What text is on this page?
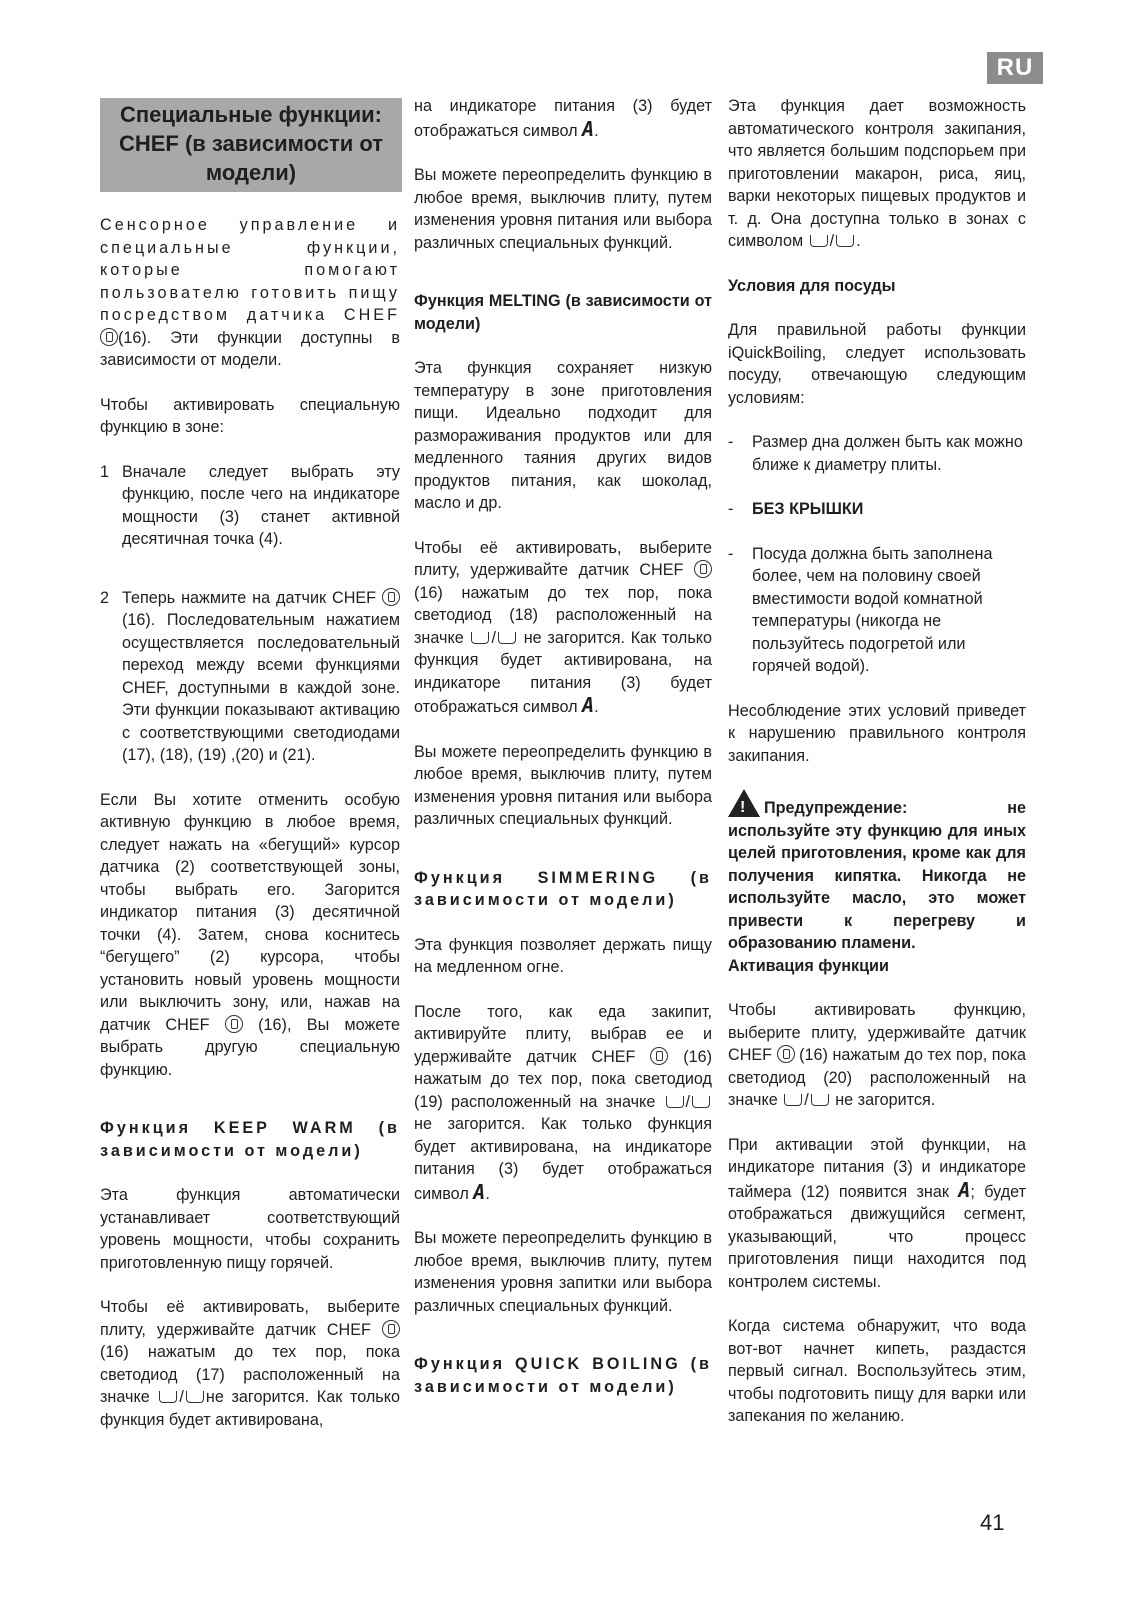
RU
Специальные функции: CHEF (в зависимости от модели)

Сенсорное управление и специальные функции, которые помогают пользователю готовить пищу посредством датчика CHEF (16). Эти функции доступны в зависимости от модели.

Чтобы активировать специальную функцию в зоне:

1 Вначале следует выбрать эту функцию, после чего на индикаторе мощности (3) станет активной десятичная точка (4).
2 Теперь нажмите на датчик CHEF  (16). Последовательным нажатием осуществляется последовательный переход между всеми функциями CHEF, доступными в каждой зоне. Эти функции показывают активацию с соответствующими светодиодами (17), (18), (19) ,(20) и (21).

Если Вы хотите отменить особую активную функцию в любое время, следует нажать на «бегущий» курсор датчика (2) соответствующей зоны, чтобы выбрать его. Загорится индикатор питания (3) десятичной точки (4). Затем, снова коснитесь “бегущего” (2) курсора, чтобы установить новый уровень мощности или выключить зону, или, нажав на датчик CHEF	(16), Вы можете выбрать другую специальную функцию.

Функция KEEP WARM (в зависимости от модели)

Эта функция автоматически устанавливает соответствующий уровень мощности, чтобы сохранить приготовленную пищу горячей.

Чтобы её активировать, выберите плиту, удерживайте датчик CHEF  (16) нажатым до тех пор, пока светодиод (17) расположенный на значке / не загорится. Как только функция будет активирована,

на индикаторе питания (3) будет отображаться символ A.

Вы можете переопределить функцию в любое время, выключив плиту, путем изменения уровня питания или выбора различных специальных функций.

Функция MELTING (в зависимости от модели)

Эта функция сохраняет низкую температуру в зоне приготовления пищи. Идеально подходит для размораживания продуктов или для медленного таяния других видов продуктов питания, как шоколад, масло и др.

Чтобы её активировать, выберите плиту, удерживайте датчик CHEF  (16) нажатым до тех пор, пока светодиод (18) расположенный на значке / не загорится. Как только функция будет активирована, на индикаторе питания (3) будет отображаться символ A.

Вы можете переопределить функцию в любое время, выключив плиту, путем изменения уровня питания или выбора различных специальных функций.

Функция SIMMERING (в зависимости от модели)

Эта функция позволяет держать пищу на медленном огне.

После того, как еда закипит, активируйте плиту, выбрав ее и удерживайте датчик CHEF	(16) нажатым до тех пор, пока светодиод (19) расположенный на значке / не загорится. Как только функция будет активирована, на индикаторе питания (3) будет отображаться символ A.

Вы можете переопределить функцию в любое время, выключив плиту, путем изменения уровня запитки или выбора различных специальных функций.

Функция QUICK BOILING (в зависимости от модели)

Эта функция дает возможность автоматического контроля закипания, что является большим подспорьем при приготовлении макарон, риса, яиц, варки некоторых пищевых продуктов и т. д. Она доступна только в зонах с символом / .

Условия для посуды

Для правильной работы функции iQuickBoiling, следует использовать посуду, отвечающую следующим условиям:

-	Размер дна должен быть как можно ближе к диаметру плиты.
-	БЕЗ КРЫШКИ
-	Посуда должна быть заполнена более, чем на половину своей вместимости водой комнатной температуры (никогда не пользуйтесь подогретой или горячей водой).

Несоблюдение этих условий приведет к нарушению правильного контроля закипания.

!Предупреждение: не используйте эту функцию для иных целей приготовления, кроме как для получения кипятка. Никогда не используйте масло, это может привести к перегреву и образованию пламени.

Активация функции

Чтобы активировать функцию, выберите плиту, удерживайте датчик CHEF (16) нажатым до тех пор, пока светодиод (20) расположенный на значке / не загорится.

При активации этой функции, на индикаторе питания (3) и индикаторе таймера (12) появится знак A; будет отображаться движущийся сегмент, указывающий, что процесс приготовления пищи находится под контролем системы.

Когда система обнаружит, что вода вот-вот начнет кипеть, раздастся первый сигнал. Воспользуйтесь этим, чтобы подготовить пищу для варки или запекания по желанию.

41
